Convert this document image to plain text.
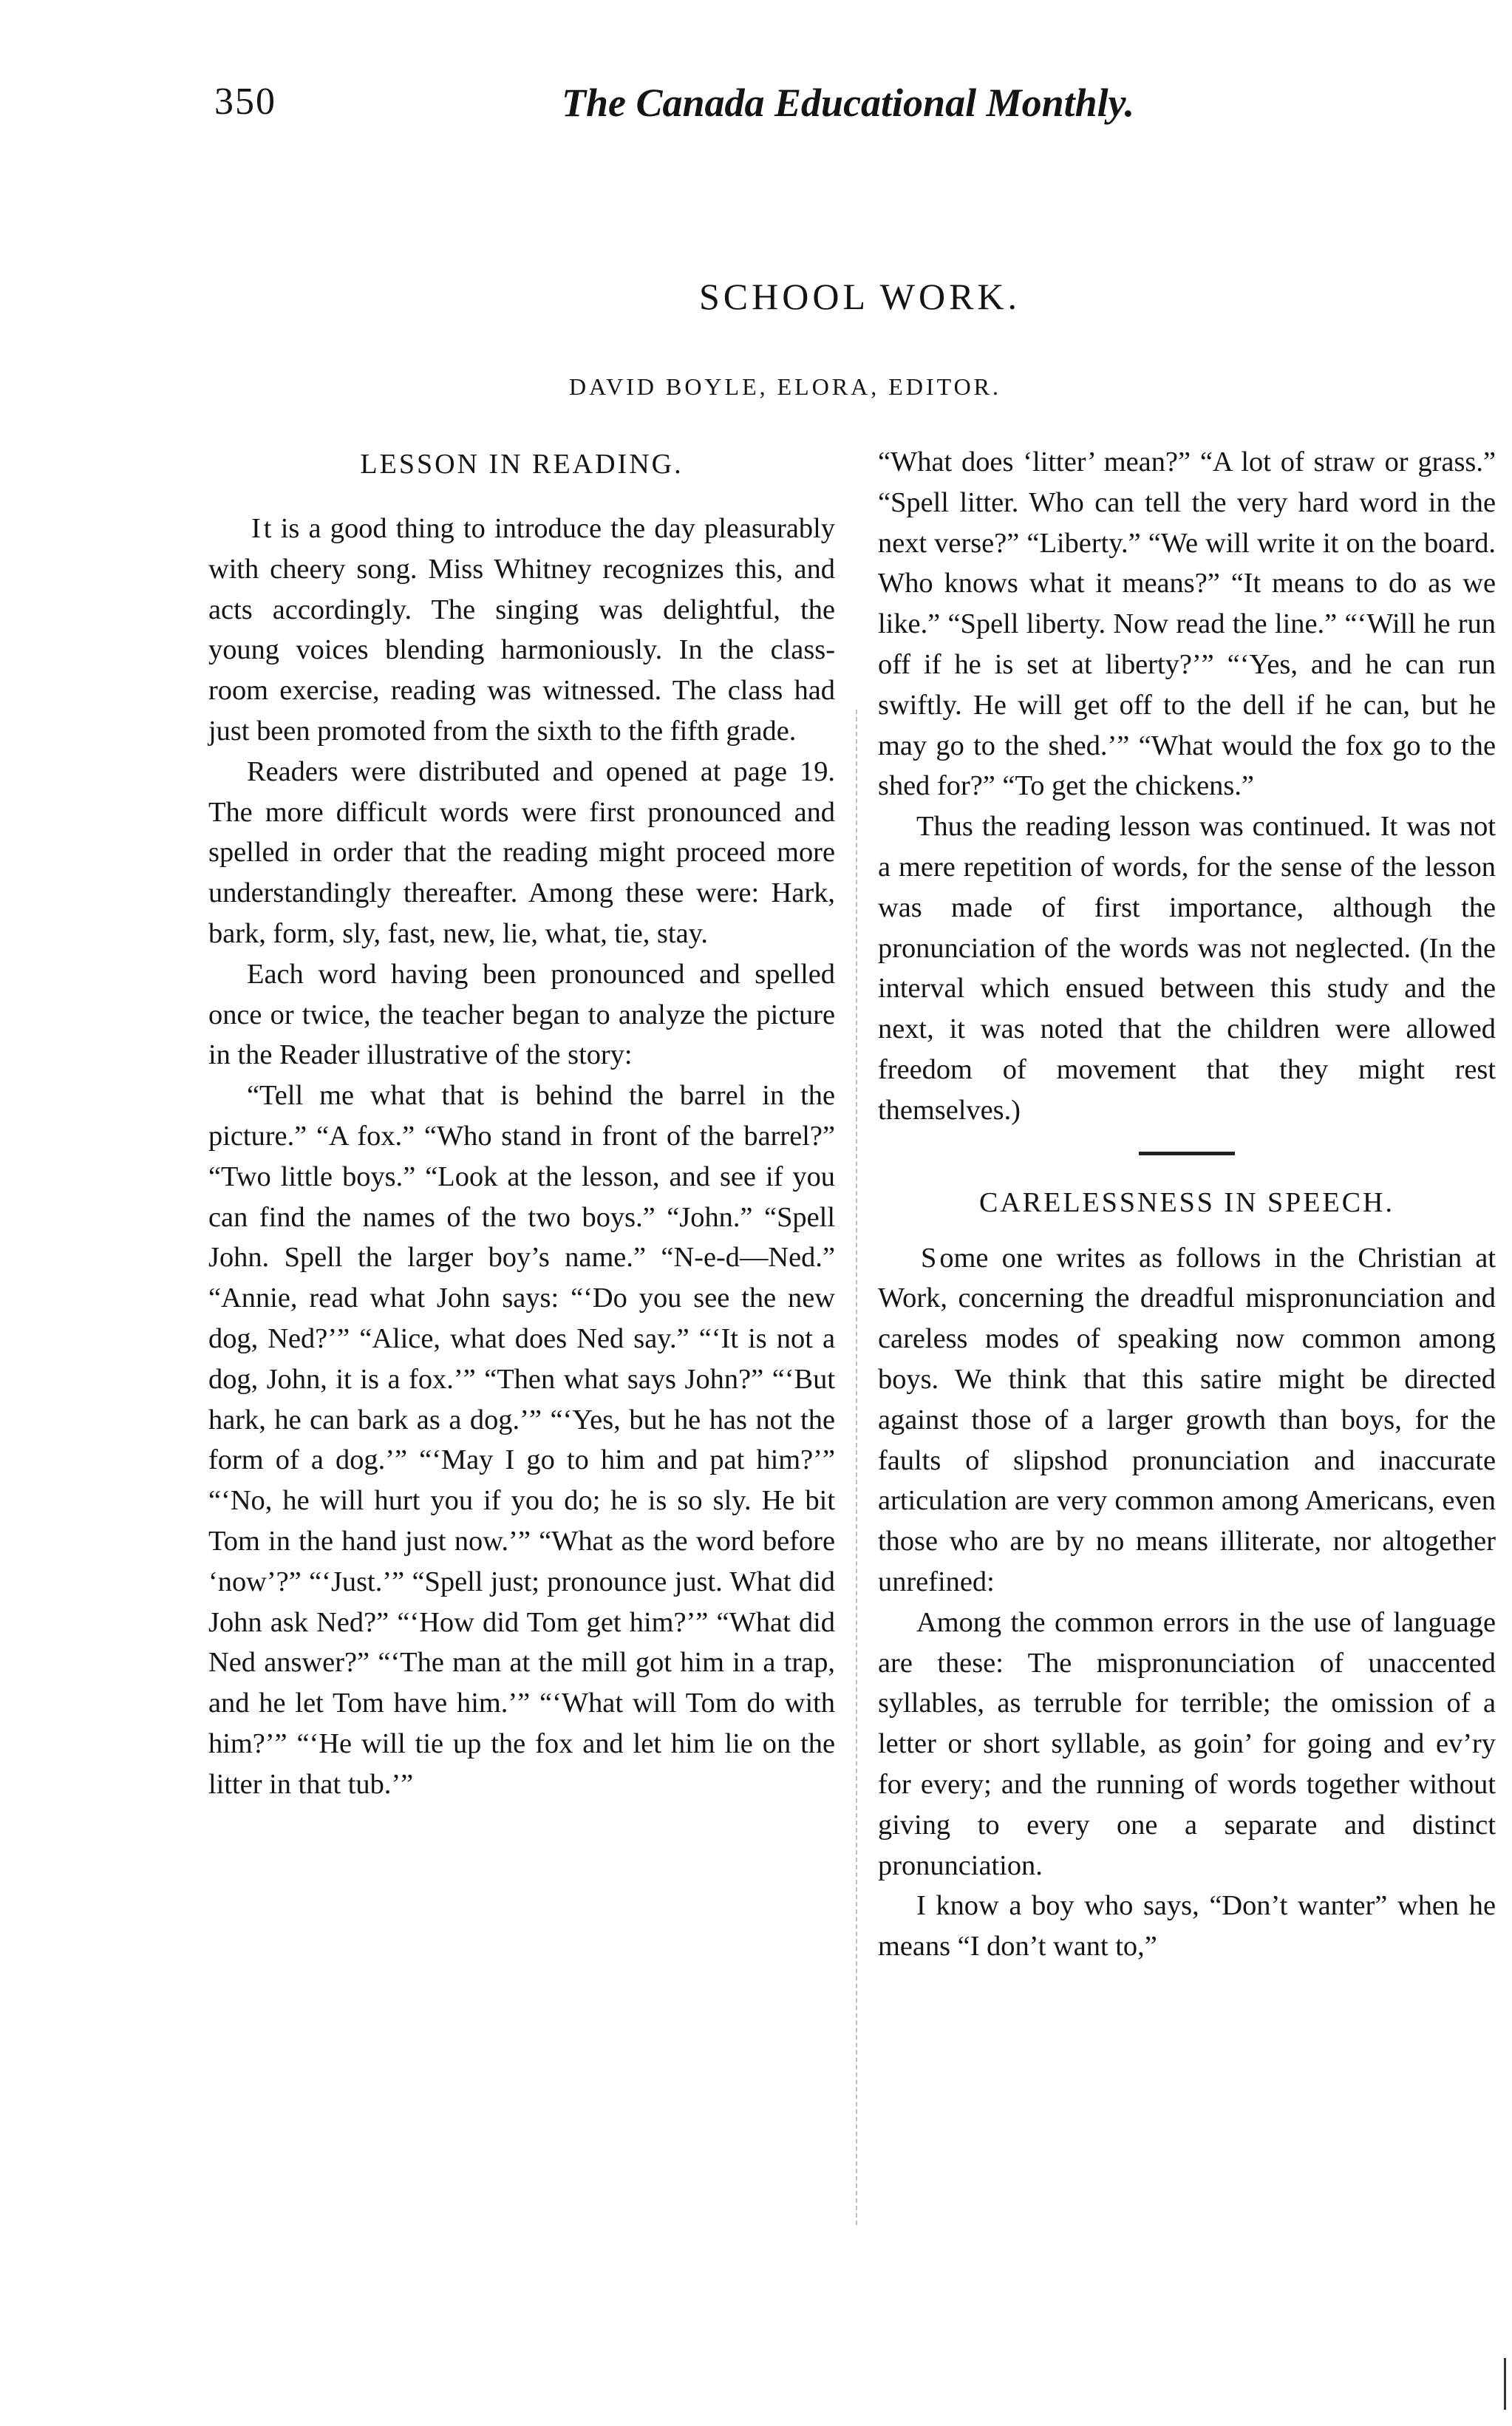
350	The Canada Educational Monthly.
SCHOOL WORK.
DAVID BOYLE, ELORA, EDITOR.
LESSON IN READING.

It is a good thing to introduce the day pleasurably with cheery song. Miss Whitney recognizes this, and acts accordingly. The singing was delightful, the young voices blending harmoniously. In the class-room exercise, reading was witnessed. The class had just been promoted from the sixth to the fifth grade.

Readers were distributed and opened at page 19. The more difficult words were first pronounced and spelled in order that the reading might proceed more understandingly thereafter. Among these were: Hark, bark, form, sly, fast, new, lie, what, tie, stay.

Each word having been pronounced and spelled once or twice, the teacher began to analyze the picture in the Reader illustrative of the story:

“Tell me what that is behind the barrel in the picture.” “A fox.” “Who stand in front of the barrel?” “Two little boys.” “Look at the lesson, and see if you can find the names of the two boys.” “John.” “Spell John. Spell the larger boy’s name.” “N-e-d—Ned.” “Annie, read what John says: “‘Do you see the new dog, Ned?’” “Alice, what does Ned say.” “‘It is not a dog, John, it is a fox.’” “Then what says John?” “‘But hark, he can bark as a dog.’” “‘Yes, but he has not the form of a dog.’” “‘May I go to him and pat him?’” “‘No, he will hurt you if you do; he is so sly. He bit Tom in the hand just now.’” “What as the word before ‘now’?” “‘Just.’” “Spell just; pronounce just. What did John ask Ned?” “‘How did Tom get him?’” “What did Ned answer?” “‘The man at the mill got him in a trap, and he let Tom have him.’” “‘What will Tom do with him?’” “‘He will tie up the fox and let him lie on the litter in that tub.’”

“What does ‘litter’ mean?” “A lot of straw or grass.” “Spell litter. Who can tell the very hard word in the next verse?” “Liberty.” “We will write it on the board. Who knows what it means?” “It means to do as we like.” “Spell liberty. Now read the line.” “‘Will he run off if he is set at liberty?’” “‘Yes, and he can run swiftly. He will get off to the dell if he can, but he may go to the shed.’” “What would the fox go to the shed for?” “To get the chickens.”

Thus the reading lesson was continued. It was not a mere repetition of words, for the sense of the lesson was made of first importance, although the pronunciation of the words was not neglected. (In the interval which ensued between this study and the next, it was noted that the children were allowed freedom of movement that they might rest themselves.)

CARELESSNESS IN SPEECH.

Some one writes as follows in the Christian at Work, concerning the dreadful mispronunciation and careless modes of speaking now common among boys. We think that this satire might be directed against those of a larger growth than boys, for the faults of slipshod pronunciation and inaccurate articulation are very common among Americans, even those who are by no means illiterate, nor altogether unrefined:

Among the common errors in the use of language are these: The mispronunciation of unaccented syllables, as terruble for terrible; the omission of a letter or short syllable, as goin’ for going and ev’ry for every; and the running of words together without giving to every one a separate and distinct pronunciation.

I know a boy who says, “Don’t wanter” when he means “I don’t want to,”
